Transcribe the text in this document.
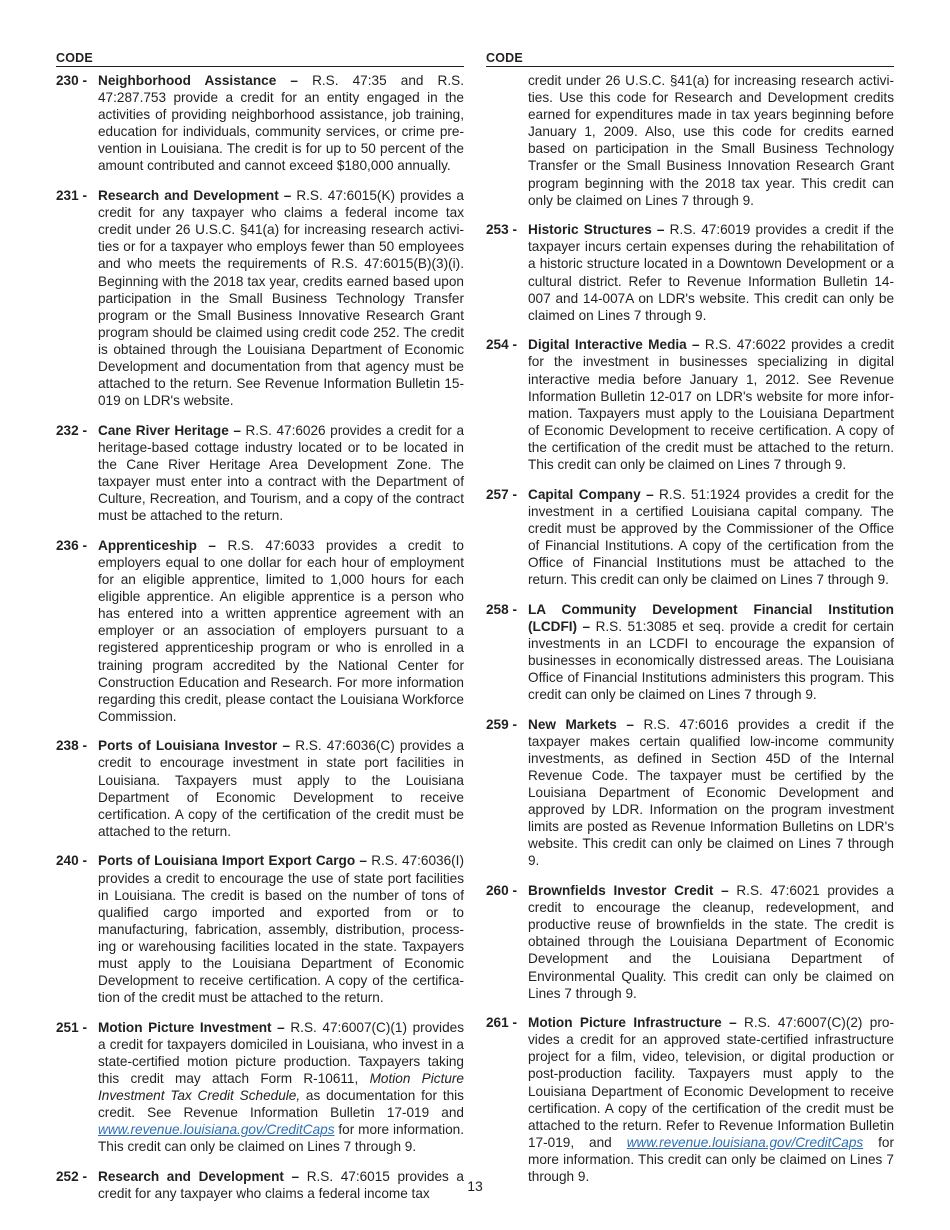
CODE
230 - Neighborhood Assistance – R.S. 47:35 and R.S. 47:287.753 provide a credit for an entity engaged in the activities of providing neighborhood assistance, job training, education for individuals, community services, or crime prevention in Louisiana. The credit is for up to 50 percent of the amount contributed and cannot exceed $180,000 annually.
231 - Research and Development – R.S. 47:6015(K) provides a credit for any taxpayer who claims a federal income tax credit under 26 U.S.C. §41(a) for increasing research activities or for a taxpayer who employs fewer than 50 employees and who meets the requirements of R.S. 47:6015(B)(3)(i). Beginning with the 2018 tax year, credits earned based upon participation in the Small Business Technology Transfer program or the Small Business Innovative Research Grant program should be claimed using credit code 252. The credit is obtained through the Louisiana Department of Economic Development and documentation from that agency must be attached to the return. See Revenue Information Bulletin 15-019 on LDR's website.
232 - Cane River Heritage – R.S. 47:6026 provides a credit for a heritage-based cottage industry located or to be located in the Cane River Heritage Area Development Zone. The taxpayer must enter into a contract with the Department of Culture, Recreation, and Tourism, and a copy of the contract must be attached to the return.
236 - Apprenticeship – R.S. 47:6033 provides a credit to employers equal to one dollar for each hour of employment for an eligible apprentice, limited to 1,000 hours for each eligible apprentice. An eligible apprentice is a person who has entered into a written apprentice agreement with an employer or an association of employers pursuant to a registered apprenticeship program or who is enrolled in a training program accredited by the National Center for Construction Education and Research. For more information regarding this credit, please contact the Louisiana Workforce Commission.
238 - Ports of Louisiana Investor – R.S. 47:6036(C) provides a credit to encourage investment in state port facilities in Louisiana. Taxpayers must apply to the Louisiana Department of Economic Development to receive certification. A copy of the certification of the credit must be attached to the return.
240 - Ports of Louisiana Import Export Cargo – R.S. 47:6036(I) provides a credit to encourage the use of state port facilities in Louisiana. The credit is based on the number of tons of qualified cargo imported and exported from or to manufacturing, fabrication, assembly, distribution, processing or warehousing facilities located in the state. Taxpayers must apply to the Louisiana Department of Economic Development to receive certification. A copy of the certification of the credit must be attached to the return.
251 - Motion Picture Investment – R.S. 47:6007(C)(1) provides a credit for taxpayers domiciled in Louisiana, who invest in a state-certified motion picture production. Taxpayers taking this credit may attach Form R-10611, Motion Picture Investment Tax Credit Schedule, as documentation for this credit. See Revenue Information Bulletin 17-019 and www.revenue.louisiana.gov/CreditCaps for more information. This credit can only be claimed on Lines 7 through 9.
252 - Research and Development – R.S. 47:6015 provides a credit for any taxpayer who claims a federal income tax
CODE
credit under 26 U.S.C. §41(a) for increasing research activities. Use this code for Research and Development credits earned for expenditures made in tax years beginning before January 1, 2009. Also, use this code for credits earned based on participation in the Small Business Technology Transfer or the Small Business Innovation Research Grant program beginning with the 2018 tax year. This credit can only be claimed on Lines 7 through 9.
253 - Historic Structures – R.S. 47:6019 provides a credit if the taxpayer incurs certain expenses during the rehabilitation of a historic structure located in a Downtown Development or a cultural district. Refer to Revenue Information Bulletin 14-007 and 14-007A on LDR's website. This credit can only be claimed on Lines 7 through 9.
254 - Digital Interactive Media – R.S. 47:6022 provides a credit for the investment in businesses specializing in digital interactive media before January 1, 2012. See Revenue Information Bulletin 12-017 on LDR's website for more information. Taxpayers must apply to the Louisiana Department of Economic Development to receive certification. A copy of the certification of the credit must be attached to the return. This credit can only be claimed on Lines 7 through 9.
257 - Capital Company – R.S. 51:1924 provides a credit for the investment in a certified Louisiana capital company. The credit must be approved by the Commissioner of the Office of Financial Institutions. A copy of the certification from the Office of Financial Institutions must be attached to the return. This credit can only be claimed on Lines 7 through 9.
258 - LA Community Development Financial Institution (LCDFI) – R.S. 51:3085 et seq. provide a credit for certain investments in an LCDFI to encourage the expansion of businesses in economically distressed areas. The Louisiana Office of Financial Institutions administers this program. This credit can only be claimed on Lines 7 through 9.
259 - New Markets – R.S. 47:6016 provides a credit if the taxpayer makes certain qualified low-income community investments, as defined in Section 45D of the Internal Revenue Code. The taxpayer must be certified by the Louisiana Department of Economic Development and approved by LDR. Information on the program investment limits are posted as Revenue Information Bulletins on LDR's website. This credit can only be claimed on Lines 7 through 9.
260 - Brownfields Investor Credit – R.S. 47:6021 provides a credit to encourage the cleanup, redevelopment, and productive reuse of brownfields in the state. The credit is obtained through the Louisiana Department of Economic Development and the Louisiana Department of Environmental Quality. This credit can only be claimed on Lines 7 through 9.
261 - Motion Picture Infrastructure – R.S. 47:6007(C)(2) provides a credit for an approved state-certified infrastructure project for a film, video, television, or digital production or post-production facility. Taxpayers must apply to the Louisiana Department of Economic Development to receive certification. A copy of the certification of the credit must be attached to the return. Refer to Revenue Information Bulletin 17-019, and www.revenue.louisiana.gov/CreditCaps for more information. This credit can only be claimed on Lines 7 through 9.
13
